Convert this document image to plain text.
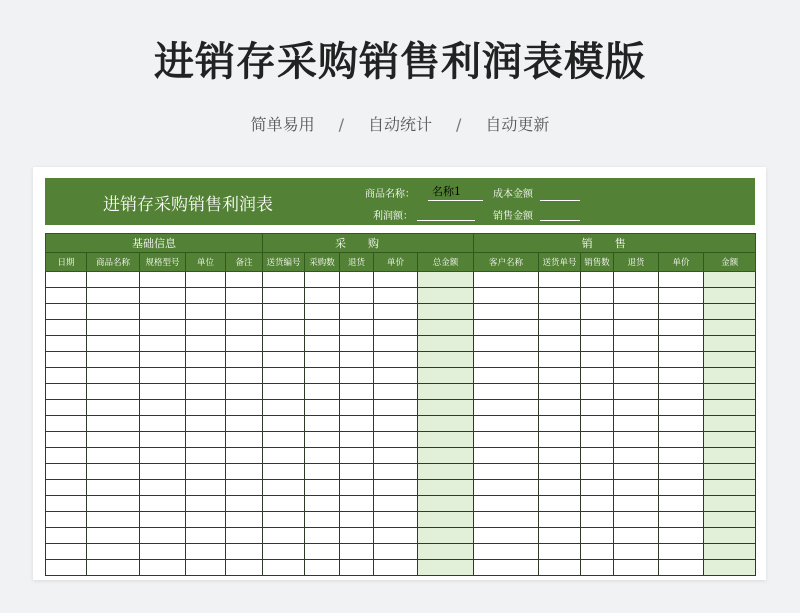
进销存采购销售利润表模版
简单易用 / 自动统计 / 自动更新
进销存采购销售利润表
商品名称： 名称1	成本金额
利润额：	销售金额
基础信息					采购					销售					
日期	商品名称	规格型号	单位	备注	送货编号	采购数	退货	单价	总金额	客户名称	送货单号	销售数	退货	单价	金额
